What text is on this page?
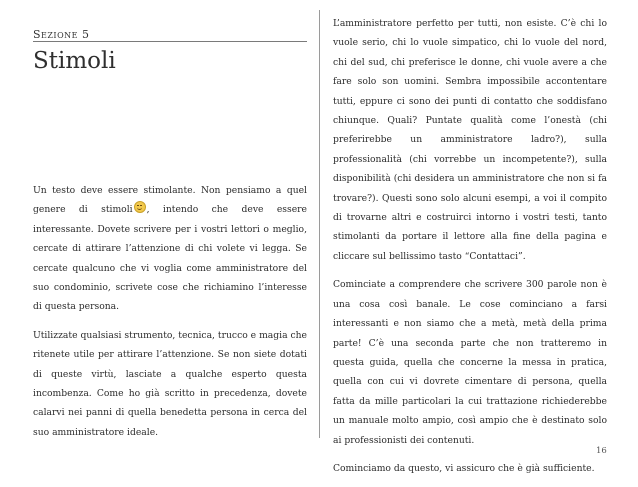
Sezione 5
Stimoli

Un testo deve essere stimolante. Non pensiamo a quel genere di stimoli , intendo che deve essere interessante. Dovete scrivere per i vostri lettori o meglio, cercate di attirare l’attenzione di chi volete vi legga. Se cercate qualcuno che vi voglia come amministratore del suo condominio, scrivete cose che richiamino l’interesse di questa persona.

Utilizzate qualsiasi strumento, tecnica, trucco e magia che ritenete utile per attirare l’attenzione. Se non siete dotati di queste virtù, lasciate a qualche esperto questa incombenza. Come ho già scritto in precedenza, dovete calarvi nei panni di quella benedetta persona in cerca del suo amministratore ideale.

L’amministratore perfetto per tutti, non esiste. C’è chi lo vuole serio, chi lo vuole simpatico, chi lo vuole del nord, chi del sud, chi preferisce le donne, chi vuole avere a che fare solo son uomini. Sembra impossibile accontentare tutti, eppure ci sono dei punti di contatto che soddisfano chiunque. Quali? Puntate qualità come l’onestà (chi preferirebbe un amministratore ladro?), sulla professionalità (chi vorrebbe un incompetente?), sulla disponibilità (chi desidera un amministratore che non si fa trovare?). Questi sono solo alcuni esempi, a voi il compito di trovarne altri e costruirci intorno i vostri testi, tanto stimolanti da portare il lettore alla fine della pagina e cliccare sul bellissimo tasto “Contattaci”.

Cominciate a comprendere che scrivere 300 parole non è una cosa così banale. Le cose cominciano a farsi interessanti e non siamo che a metà, metà della prima parte! C’è una seconda parte che non tratteremo in questa guida, quella che concerne la messa in pratica, quella con cui vi dovrete cimentare di persona, quella fatta da mille particolari la cui trattazione richiederebbe un manuale molto ampio, così ampio che è destinato solo ai professionisti dei contenuti.

Cominciamo da questo, vi assicuro che è già sufficiente.

16
